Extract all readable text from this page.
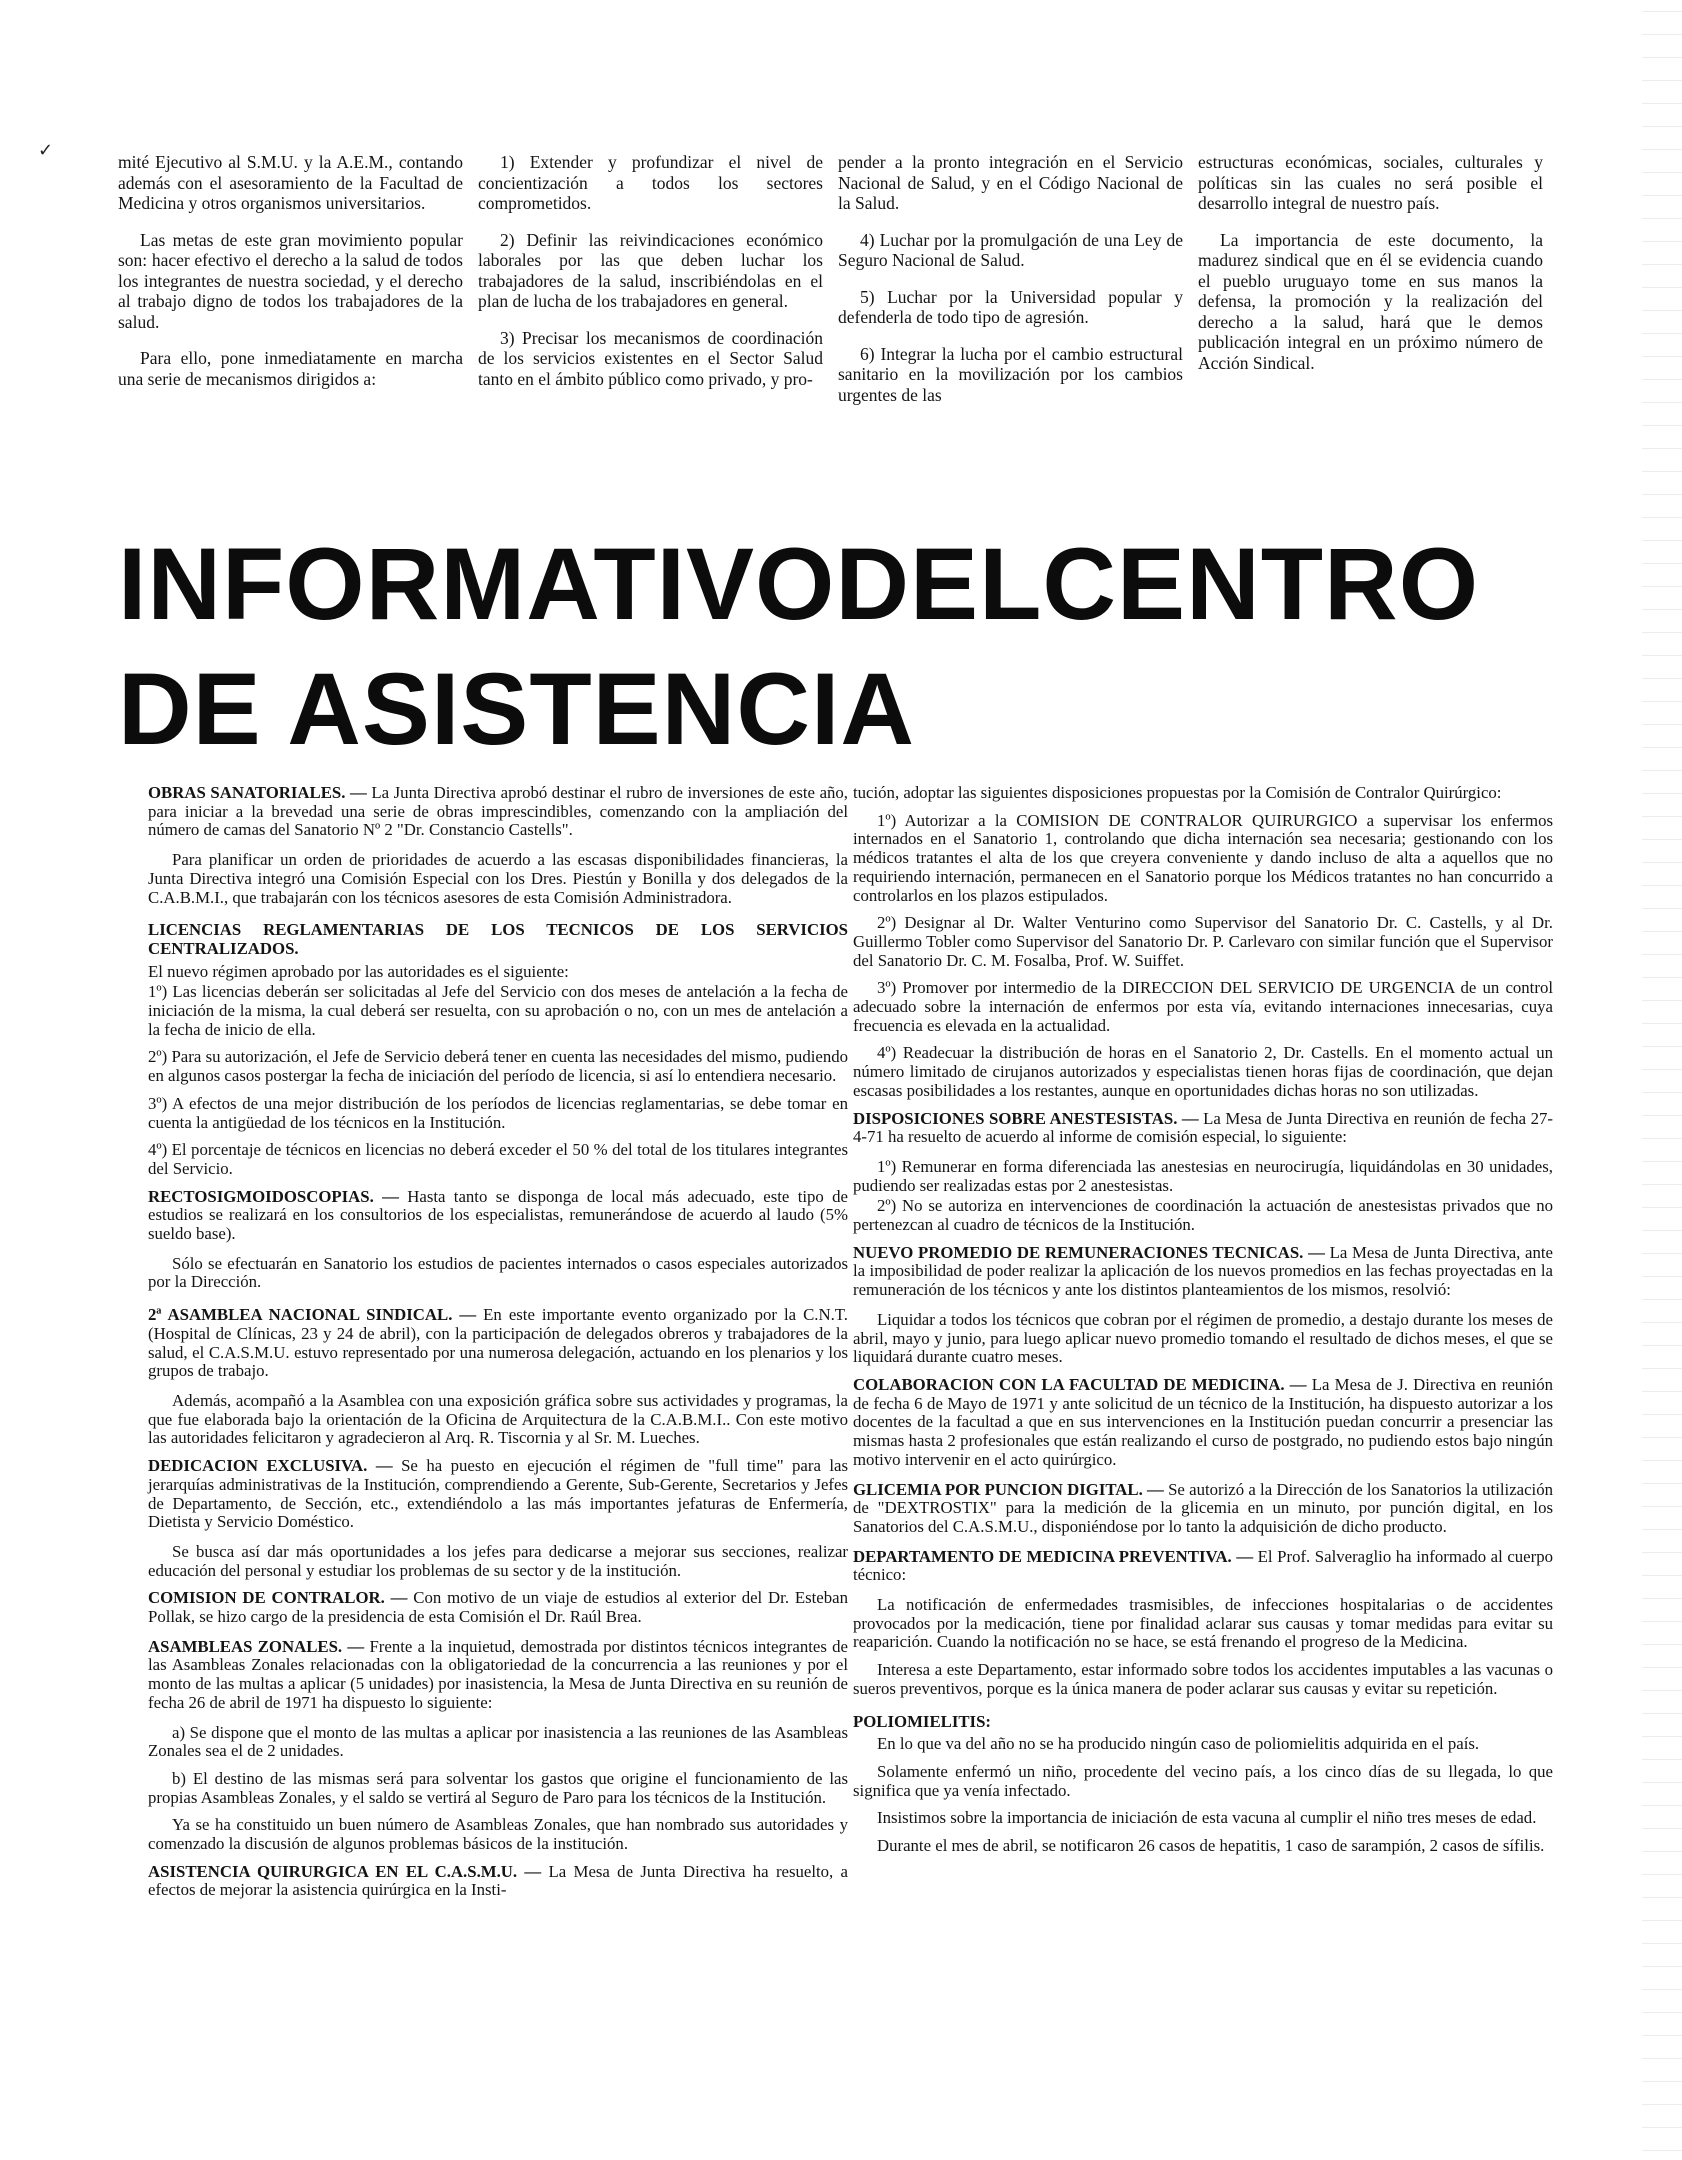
✓

mité Ejecutivo al S.M.U. y la A.E.M., contando además con el asesoramiento de la Facultad de Medicina y otros organismos universitarios.

Las metas de este gran movimiento popular son: hacer efectivo el derecho a la salud de todos los integrantes de nuestra sociedad, y el derecho al trabajo digno de todos los trabajadores de la salud.

Para ello, pone inmediatamente en marcha una serie de mecanismos dirigidos a:

1) Extender y profundizar el nivel de concientización a todos los sectores comprometidos.

2) Definir las reivindicaciones económico laborales por las que deben luchar los trabajadores de la salud, inscribiéndolas en el plan de lucha de los trabajadores en general.

3) Precisar los mecanismos de coordinación de los servicios existentes en el Sector Salud tanto en el ámbito público como privado, y pro-

pender a la pronto integración en el Servicio Nacional de Salud, y en el Código Nacional de la Salud.

4) Luchar por la promulgación de una Ley de Seguro Nacional de Salud.

5) Luchar por la Universidad popular y defenderla de todo tipo de agresión.

6) Integrar la lucha por el cambio estructural sanitario en la movilización por los cambios urgentes de las

estructuras económicas, sociales, culturales y políticas sin las cuales no será posible el desarrollo integral de nuestro país.

La importancia de este documento, la madurez sindical que en él se evidencia cuando el pueblo uruguayo tome en sus manos la defensa, la promoción y la realización del derecho a la salud, hará que le demos publicación integral en un próximo número de Acción Sindical.

INFORMATIVO DEL CENTRO
DE ASISTENCIA

OBRAS SANATORIALES. — La Junta Directiva aprobó destinar el rubro de inversiones de este año, para iniciar a la brevedad una serie de obras imprescindibles, comenzando con la ampliación del número de camas del Sanatorio Nº 2 "Dr. Constancio Castells".

Para planificar un orden de prioridades de acuerdo a las escasas disponibilidades financieras, la Junta Directiva integró una Comisión Especial con los Dres. Piestún y Bonilla y dos delegados de la C.A.B.M.I., que trabajarán con los técnicos asesores de esta Comisión Administradora.

LICENCIAS REGLAMENTARIAS DE LOS TECNICOS DE LOS SERVICIOS CENTRALIZADOS.

El nuevo régimen aprobado por las autoridades es el siguiente:

1º) Las licencias deberán ser solicitadas al Jefe del Servicio con dos meses de antelación a la fecha de iniciación de la misma, la cual deberá ser resuelta, con su aprobación o no, con un mes de antelación a la fecha de inicio de ella.

2º) Para su autorización, el Jefe de Servicio deberá tener en cuenta las necesidades del mismo, pudiendo en algunos casos postergar la fecha de iniciación del período de licencia, si así lo entendiera necesario.

3º) A efectos de una mejor distribución de los períodos de licencias reglamentarias, se debe tomar en cuenta la antigüedad de los técnicos en la Institución.

4º) El porcentaje de técnicos en licencias no deberá exceder el 50 % del total de los titulares integrantes del Servicio.

RECTOSIGMOIDOSCOPIAS. — Hasta tanto se disponga de local más adecuado, este tipo de estudios se realizará en los consultorios de los especialistas, remunerándose de acuerdo al laudo (5% sueldo base).

Sólo se efectuarán en Sanatorio los estudios de pacientes internados o casos especiales autorizados por la Dirección.

2ª ASAMBLEA NACIONAL SINDICAL. — En este importante evento organizado por la C.N.T. (Hospital de Clínicas, 23 y 24 de abril), con la participación de delegados obreros y trabajadores de la salud, el C.A.S.M.U. estuvo representado por una numerosa delegación, actuando en los plenarios y los grupos de trabajo.

Además, acompañó a la Asamblea con una exposición gráfica sobre sus actividades y programas, la que fue elaborada bajo la orientación de la Oficina de Arquitectura de la C.A.B.M.I.. Con este motivo las autoridades felicitaron y agradecieron al Arq. R. Tiscornia y al Sr. M. Lueches.

DEDICACION EXCLUSIVA. — Se ha puesto en ejecución el régimen de "full time" para las jerarquías administrativas de la Institución, comprendiendo a Gerente, Sub-Gerente, Secretarios y Jefes de Departamento, de Sección, etc., extendiéndolo a las más importantes jefaturas de Enfermería, Dietista y Servicio Doméstico.

Se busca así dar más oportunidades a los jefes para dedicarse a mejorar sus secciones, realizar educación del personal y estudiar los problemas de su sector y de la institución.

COMISION DE CONTRALOR. — Con motivo de un viaje de estudios al exterior del Dr. Esteban Pollak, se hizo cargo de la presidencia de esta Comisión el Dr. Raúl Brea.

ASAMBLEAS ZONALES. — Frente a la inquietud, demostrada por distintos técnicos integrantes de las Asambleas Zonales relacionadas con la obligatoriedad de la concurrencia a las reuniones y por el monto de las multas a aplicar (5 unidades) por inasistencia, la Mesa de Junta Directiva en su reunión de fecha 26 de abril de 1971 ha dispuesto lo siguiente:

a) Se dispone que el monto de las multas a aplicar por inasistencia a las reuniones de las Asambleas Zonales sea el de 2 unidades.

b) El destino de las mismas será para solventar los gastos que origine el funcionamiento de las propias Asambleas Zonales, y el saldo se vertirá al Seguro de Paro para los técnicos de la Institución.

Ya se ha constituido un buen número de Asambleas Zonales, que han nombrado sus autoridades y comenzado la discusión de algunos problemas básicos de la institución.

ASISTENCIA QUIRURGICA EN EL C.A.S.M.U. — La Mesa de Junta Directiva ha resuelto, a efectos de mejorar la asistencia quirúrgica en la Insti-

tución, adoptar las siguientes disposiciones propuestas por la Comisión de Contralor Quirúrgico:

1º) Autorizar a la COMISION DE CONTRALOR QUIRURGICO a supervisar los enfermos internados en el Sanatorio 1, controlando que dicha internación sea necesaria; gestionando con los médicos tratantes el alta de los que creyera conveniente y dando incluso de alta a aquellos que no requiriendo internación, permanecen en el Sanatorio porque los Médicos tratantes no han concurrido a controlarlos en los plazos estipulados.

2º) Designar al Dr. Walter Venturino como Supervisor del Sanatorio Dr. C. Castells, y al Dr. Guillermo Tobler como Supervisor del Sanatorio Dr. P. Carlevaro con similar función que el Supervisor del Sanatorio Dr. C. M. Fosalba, Prof. W. Suiffet.

3º) Promover por intermedio de la DIRECCION DEL SERVICIO DE URGENCIA de un control adecuado sobre la internación de enfermos por esta vía, evitando internaciones innecesarias, cuya frecuencia es elevada en la actualidad.

4º) Readecuar la distribución de horas en el Sanatorio 2, Dr. Castells. En el momento actual un número limitado de cirujanos autorizados y especialistas tienen horas fijas de coordinación, que dejan escasas posibilidades a los restantes, aunque en oportunidades dichas horas no son utilizadas.

DISPOSICIONES SOBRE ANESTESISTAS. — La Mesa de Junta Directiva en reunión de fecha 27-4-71 ha resuelto de acuerdo al informe de comisión especial, lo siguiente:

1º) Remunerar en forma diferenciada las anestesias en neurocirugía, liquidándolas en 30 unidades, pudiendo ser realizadas estas por 2 anestesistas.

2º) No se autoriza en intervenciones de coordinación la actuación de anestesistas privados que no pertenezcan al cuadro de técnicos de la Institución.

NUEVO PROMEDIO DE REMUNERACIONES TECNICAS. — La Mesa de Junta Directiva, ante la imposibilidad de poder realizar la aplicación de los nuevos promedios en las fechas proyectadas en la remuneración de los técnicos y ante los distintos planteamientos de los mismos, resolvió:

Liquidar a todos los técnicos que cobran por el régimen de promedio, a destajo durante los meses de abril, mayo y junio, para luego aplicar nuevo promedio tomando el resultado de dichos meses, el que se liquidará durante cuatro meses.

COLABORACION CON LA FACULTAD DE MEDICINA. — La Mesa de J. Directiva en reunión de fecha 6 de Mayo de 1971 y ante solicitud de un técnico de la Institución, ha dispuesto autorizar a los docentes de la facultad a que en sus intervenciones en la Institución puedan concurrir a presenciar las mismas hasta 2 profesionales que están realizando el curso de postgrado, no pudiendo estos bajo ningún motivo intervenir en el acto quirúrgico.

GLICEMIA POR PUNCION DIGITAL. — Se autorizó a la Dirección de los Sanatorios la utilización de "DEXTROSTIX" para la medición de la glicemia en un minuto, por punción digital, en los Sanatorios del C.A.S.M.U., disponiéndose por lo tanto la adquisición de dicho producto.

DEPARTAMENTO DE MEDICINA PREVENTIVA. — El Prof. Salveraglio ha informado al cuerpo técnico:

La notificación de enfermedades trasmisibles, de infecciones hospitalarias o de accidentes provocados por la medicación, tiene por finalidad aclarar sus causas y tomar medidas para evitar su reaparición. Cuando la notificación no se hace, se está frenando el progreso de la Medicina.

Interesa a este Departamento, estar informado sobre todos los accidentes imputables a las vacunas o sueros preventivos, porque es la única manera de poder aclarar sus causas y evitar su repetición.

POLIOMIELITIS:

En lo que va del año no se ha producido ningún caso de poliomielitis adquirida en el país.

Solamente enfermó un niño, procedente del vecino país, a los cinco días de su llegada, lo que significa que ya venía infectado.

Insistimos sobre la importancia de iniciación de esta vacuna al cumplir el niño tres meses de edad.

Durante el mes de abril, se notificaron 26 casos de hepatitis, 1 caso de sarampión, 2 casos de sífilis.
